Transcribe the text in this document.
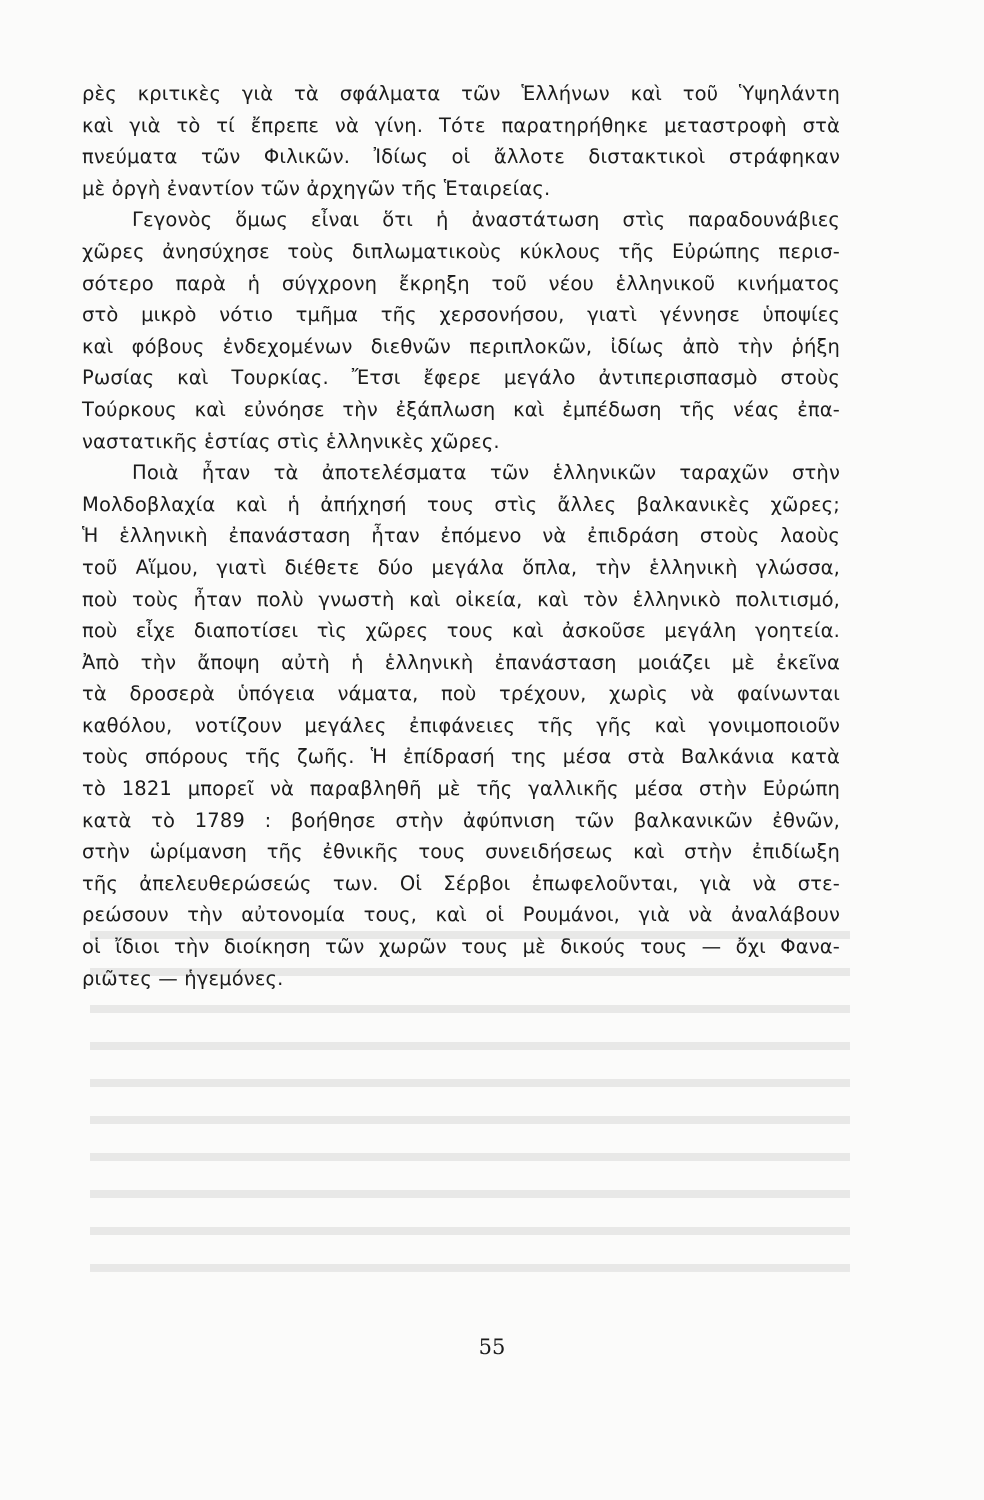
ρὲς κριτικὲς γιὰ τὰ σφάλματα τῶν Ἑλλήνων καὶ τοῦ Ὑψηλάντη
καὶ γιὰ τὸ τί ἔπρεπε νὰ γίνη. Τότε παρατηρήθηκε μεταστροφὴ στὰ
πνεύματα τῶν Φιλικῶν. Ἰδίως οἱ ἄλλοτε διστακτικοὶ στράφηκαν
μὲ ὀργὴ ἐναντίον τῶν ἀρχηγῶν τῆς Ἑταιρείας.
Γεγονὸς ὅμως εἶναι ὅτι ἡ ἀναστάτωση στὶς παραδουνάβιες
χῶρες ἀνησύχησε τοὺς διπλωματικοὺς κύκλους τῆς Εὐρώπης περισ-
σότερο παρὰ ἡ σύγχρονη ἔκρηξη τοῦ νέου ἑλληνικοῦ κινήματος
στὸ μικρὸ νότιο τμῆμα τῆς χερσονήσου, γιατὶ γέννησε ὑποψίες
καὶ φόβους ἐνδεχομένων διεθνῶν περιπλοκῶν, ἰδίως ἀπὸ τὴν ῥήξη
Ρωσίας καὶ Τουρκίας. Ἔτσι ἔφερε μεγάλο ἀντιπερισπασμὸ στοὺς
Τούρκους καὶ εὐνόησε τὴν ἐξάπλωση καὶ ἐμπέδωση τῆς νέας ἐπα-
ναστατικῆς ἑστίας στὶς ἑλληνικὲς χῶρες.
Ποιὰ ἦταν τὰ ἀποτελέσματα τῶν ἑλληνικῶν ταραχῶν στὴν
Μολδοβλαχία καὶ ἡ ἀπήχησή τους στὶς ἄλλες βαλκανικὲς χῶρες;
Ἡ ἑλληνικὴ ἐπανάσταση ἦταν ἐπόμενο νὰ ἐπιδράση στοὺς λαοὺς
τοῦ Αἵμου, γιατὶ διέθετε δύο μεγάλα ὅπλα, τὴν ἑλληνικὴ γλώσσα,
ποὺ τοὺς ἦταν πολὺ γνωστὴ καὶ οἰκεία, καὶ τὸν ἑλληνικὸ πολιτισμό,
ποὺ εἶχε διαποτίσει τὶς χῶρες τους καὶ ἀσκοῦσε μεγάλη γοητεία.
Ἀπὸ τὴν ἄποψη αὐτὴ ἡ ἑλληνικὴ ἐπανάσταση μοιάζει μὲ ἐκεῖνα
τὰ δροσερὰ ὑπόγεια νάματα, ποὺ τρέχουν, χωρὶς νὰ φαίνωνται
καθόλου, νοτίζουν μεγάλες ἐπιφάνειες τῆς γῆς καὶ γονιμοποιοῦν
τοὺς σπόρους τῆς ζωῆς. Ἡ ἐπίδρασή της μέσα στὰ Βαλκάνια κατὰ
τὸ 1821 μπορεῖ νὰ παραβληθῆ μὲ τῆς γαλλικῆς μέσα στὴν Εὐρώπη
κατὰ τὸ 1789 : βοήθησε στὴν ἀφύπνιση τῶν βαλκανικῶν ἐθνῶν,
στὴν ὡρίμανση τῆς ἐθνικῆς τους συνειδήσεως καὶ στὴν ἐπιδίωξη
τῆς ἀπελευθερώσεώς των. Οἱ Σέρβοι ἐπωφελοῦνται, γιὰ νὰ στε-
ρεώσουν τὴν αὐτονομία τους, καὶ οἱ Ρουμάνοι, γιὰ νὰ ἀναλάβουν
οἱ ἴδιοι τὴν διοίκηση τῶν χωρῶν τους μὲ δικούς τους — ὄχι Φανα-
ριῶτες — ἡγεμόνες.
55
